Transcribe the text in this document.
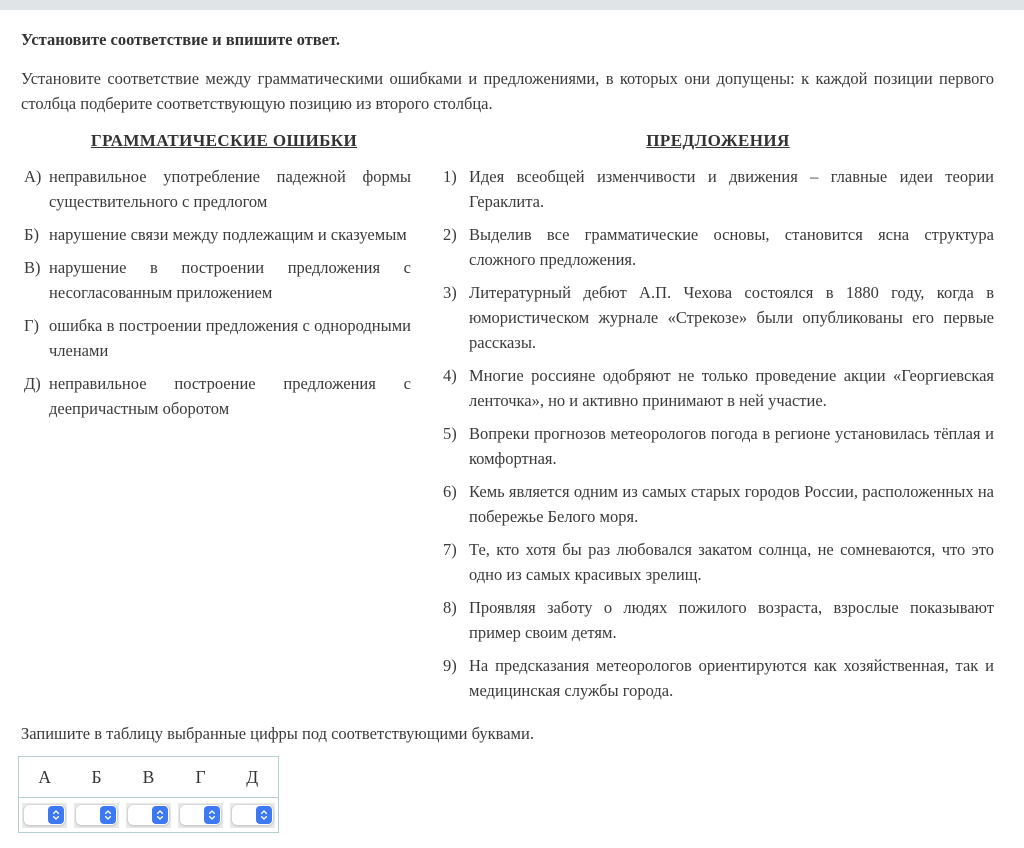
Установите соответствие и впишите ответ.

Установите соответствие между грамматическими ошибками и предложениями, в которых они допущены: к каждой позиции первого столбца подберите соответствующую позицию из второго столбца.

ГРАММАТИЧЕСКИЕ ОШИБКИ
А) неправильное употребление падежной формы существительного с предлогом
Б) нарушение связи между подлежащим и сказуемым
В) нарушение в построении предложения с несогласованным приложением
Г) ошибка в построении предложения с однородными членами
Д) неправильное построение предложения с деепричастным оборотом
ПРЕДЛОЖЕНИЯ
1) Идея всеобщей изменчивости и движения – главные идеи теории Гераклита.
2) Выделив все грамматические основы, становится ясна структура сложного предложения.
3) Литературный дебют А.П. Чехова состоялся в 1880 году, когда в юмористическом журнале «Стрекозе» были опубликованы его первые рассказы.
4) Многие россияне одобряют не только проведение акции «Георгиевская ленточка», но и активно принимают в ней участие.
5) Вопреки прогнозов метеорологов погода в регионе установилась тёплая и комфортная.
6) Кемь является одним из самых старых городов России, расположенных на побережье Белого моря.
7) Те, кто хотя бы раз любовался закатом солнца, не сомневаются, что это одно из самых красивых зрелищ.
8) Проявляя заботу о людях пожилого возраста, взрослые показывают пример своим детям.
9) На предсказания метеорологов ориентируются как хозяйственная, так и медицинская службы города.

Запишите в таблицу выбранные цифры под соответствующими буквами.

А	Б	В	Г	Д
